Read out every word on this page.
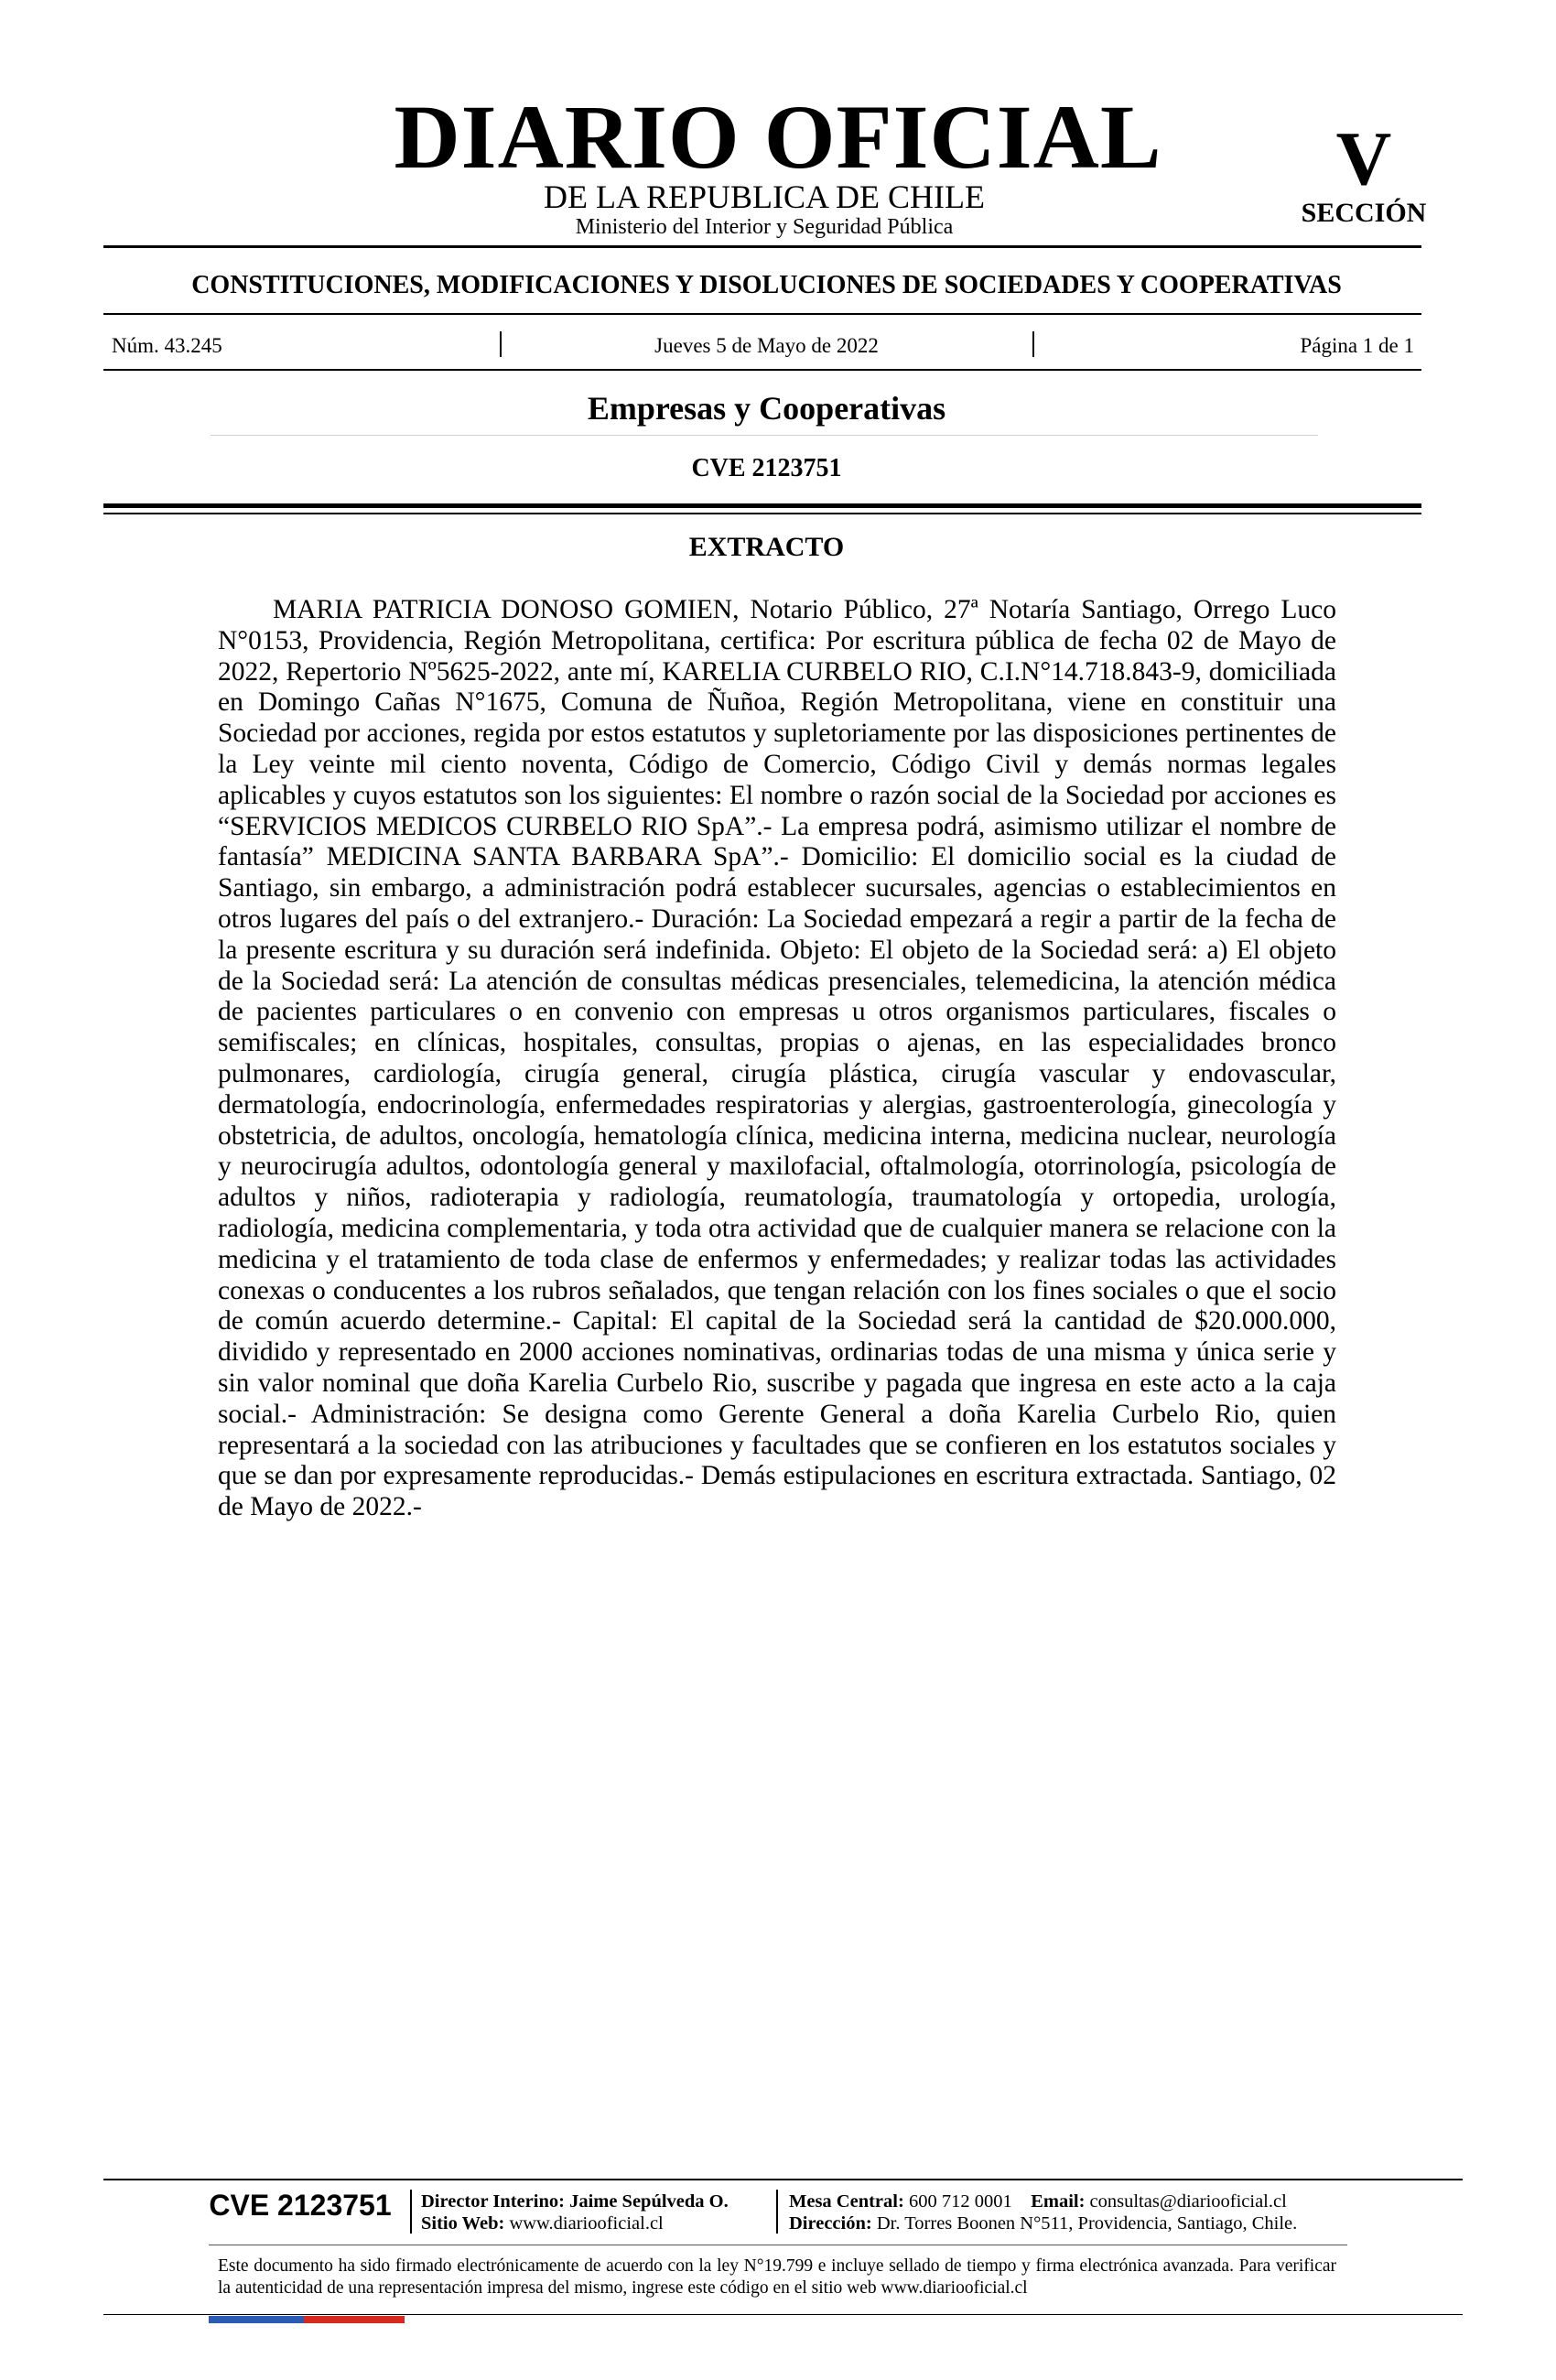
DIARIO OFICIAL
DE LA REPUBLICA DE CHILE
Ministerio del Interior y Seguridad Pública
V
SECCIÓN
CONSTITUCIONES, MODIFICACIONES Y DISOLUCIONES DE SOCIEDADES Y COOPERATIVAS
Núm. 43.245	Jueves 5 de Mayo de 2022	Página 1 de 1
Empresas y Cooperativas
CVE 2123751
EXTRACTO

MARIA PATRICIA DONOSO GOMIEN, Notario Público, 27ª Notaría Santiago, Orrego Luco N°0153, Providencia, Región Metropolitana, certifica: Por escritura pública de fecha 02 de Mayo de 2022, Repertorio Nº5625-2022, ante mí, KARELIA CURBELO RIO, C.I.N°14.718.843-9, domiciliada en Domingo Cañas N°1675, Comuna de Ñuñoa, Región Metropolitana, viene en constituir una Sociedad por acciones, regida por estos estatutos y supletoriamente por las disposiciones pertinentes de la Ley veinte mil ciento noventa, Código de Comercio, Código Civil y demás normas legales aplicables y cuyos estatutos son los siguientes: El nombre o razón social de la Sociedad por acciones es “SERVICIOS MEDICOS CURBELO RIO SpA”.- La empresa podrá, asimismo utilizar el nombre de fantasía” MEDICINA SANTA BARBARA SpA”.- Domicilio: El domicilio social es la ciudad de Santiago, sin embargo, a administración podrá establecer sucursales, agencias o establecimientos en otros lugares del país o del extranjero.- Duración: La Sociedad empezará a regir a partir de la fecha de la presente escritura y su duración será indefinida. Objeto: El objeto de la Sociedad será: a) El objeto de la Sociedad será: La atención de consultas médicas presenciales, telemedicina, la atención médica de pacientes particulares o en convenio con empresas u otros organismos particulares, fiscales o semifiscales; en clínicas, hospitales, consultas, propias o ajenas, en las especialidades bronco pulmonares, cardiología, cirugía general, cirugía plástica, cirugía vascular y endovascular, dermatología, endocrinología, enfermedades respiratorias y alergias, gastroenterología, ginecología y obstetricia, de adultos, oncología, hematología clínica, medicina interna, medicina nuclear, neurología y neurocirugía adultos, odontología general y maxilofacial, oftalmología, otorrinología, psicología de adultos y niños, radioterapia y radiología, reumatología, traumatología y ortopedia, urología, radiología, medicina complementaria, y toda otra actividad que de cualquier manera se relacione con la medicina y el tratamiento de toda clase de enfermos y enfermedades; y realizar todas las actividades conexas o conducentes a los rubros señalados, que tengan relación con los fines sociales o que el socio de común acuerdo determine.- Capital: El capital de la Sociedad será la cantidad de $20.000.000, dividido y representado en 2000 acciones nominativas, ordinarias todas de una misma y única serie y sin valor nominal que doña Karelia Curbelo Rio, suscribe y pagada que ingresa en este acto a la caja social.- Administración: Se designa como Gerente General a doña Karelia Curbelo Rio, quien representará a la sociedad con las atribuciones y facultades que se confieren en los estatutos sociales y que se dan por expresamente reproducidas.- Demás estipulaciones en escritura extractada. Santiago, 02 de Mayo de 2022.-

CVE 2123751	Director Interino: Jaime Sepúlveda O.
Sitio Web: www.diariooficial.cl
Mesa Central: 600 712 0001 Email: consultas@diariooficial.cl
Dirección: Dr. Torres Boonen N°511, Providencia, Santiago, Chile.

Este documento ha sido firmado electrónicamente de acuerdo con la ley N°19.799 e incluye sellado de tiempo y firma electrónica avanzada. Para verificar la autenticidad de una representación impresa del mismo, ingrese este código en el sitio web www.diariooficial.cl
